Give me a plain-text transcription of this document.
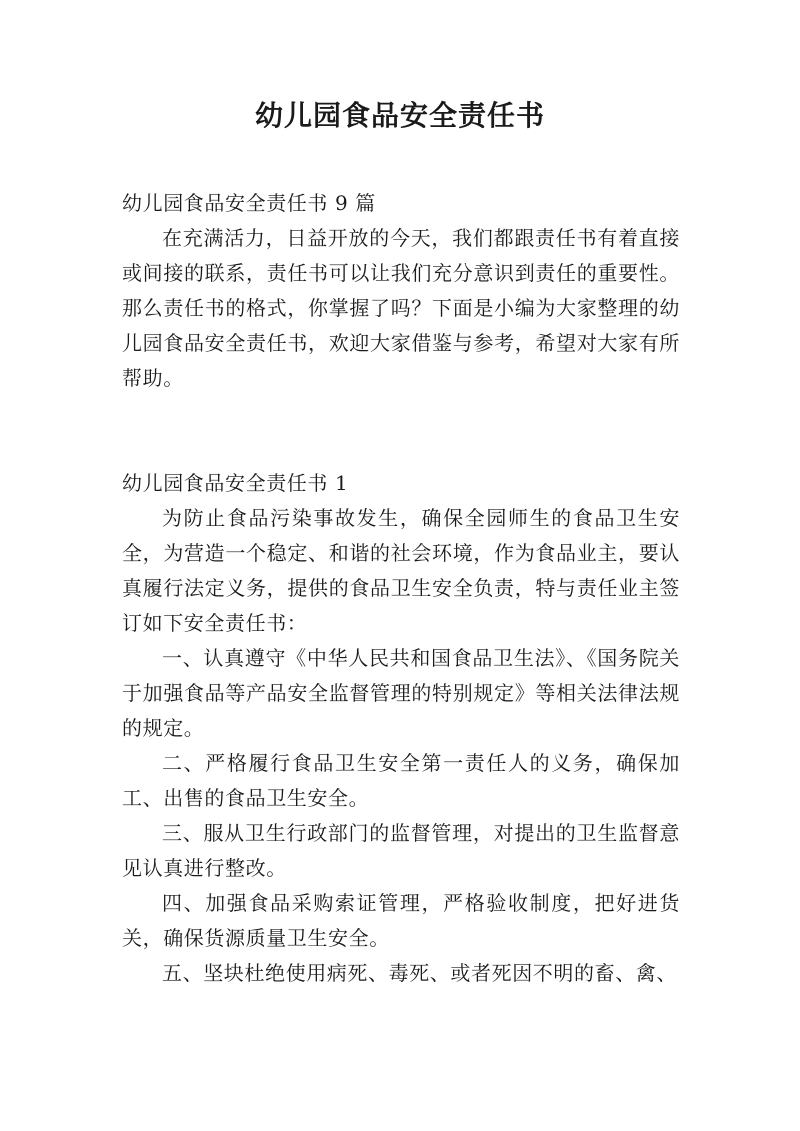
幼儿园食品安全责任书

幼儿园食品安全责任书 9 篇

在充满活力，日益开放的今天，我们都跟责任书有着直接或间接的联系，责任书可以让我们充分意识到责任的重要性。那么责任书的格式，你掌握了吗？下面是小编为大家整理的幼儿园食品安全责任书，欢迎大家借鉴与参考，希望对大家有所帮助。

幼儿园食品安全责任书 1

为防止食品污染事故发生，确保全园师生的食品卫生安全，为营造一个稳定、和谐的社会环境，作为食品业主，要认真履行法定义务，提供的食品卫生安全负责，特与责任业主签订如下安全责任书：

一、认真遵守《中华人民共和国食品卫生法》、《国务院关于加强食品等产品安全监督管理的特别规定》等相关法律法规的规定。

二、严格履行食品卫生安全第一责任人的义务，确保加工、出售的食品卫生安全。

三、服从卫生行政部门的监督管理，对提出的卫生监督意见认真进行整改。

四、加强食品采购索证管理，严格验收制度，把好进货关，确保货源质量卫生安全。

五、坚块杜绝使用病死、毒死、或者死因不明的畜、禽、
